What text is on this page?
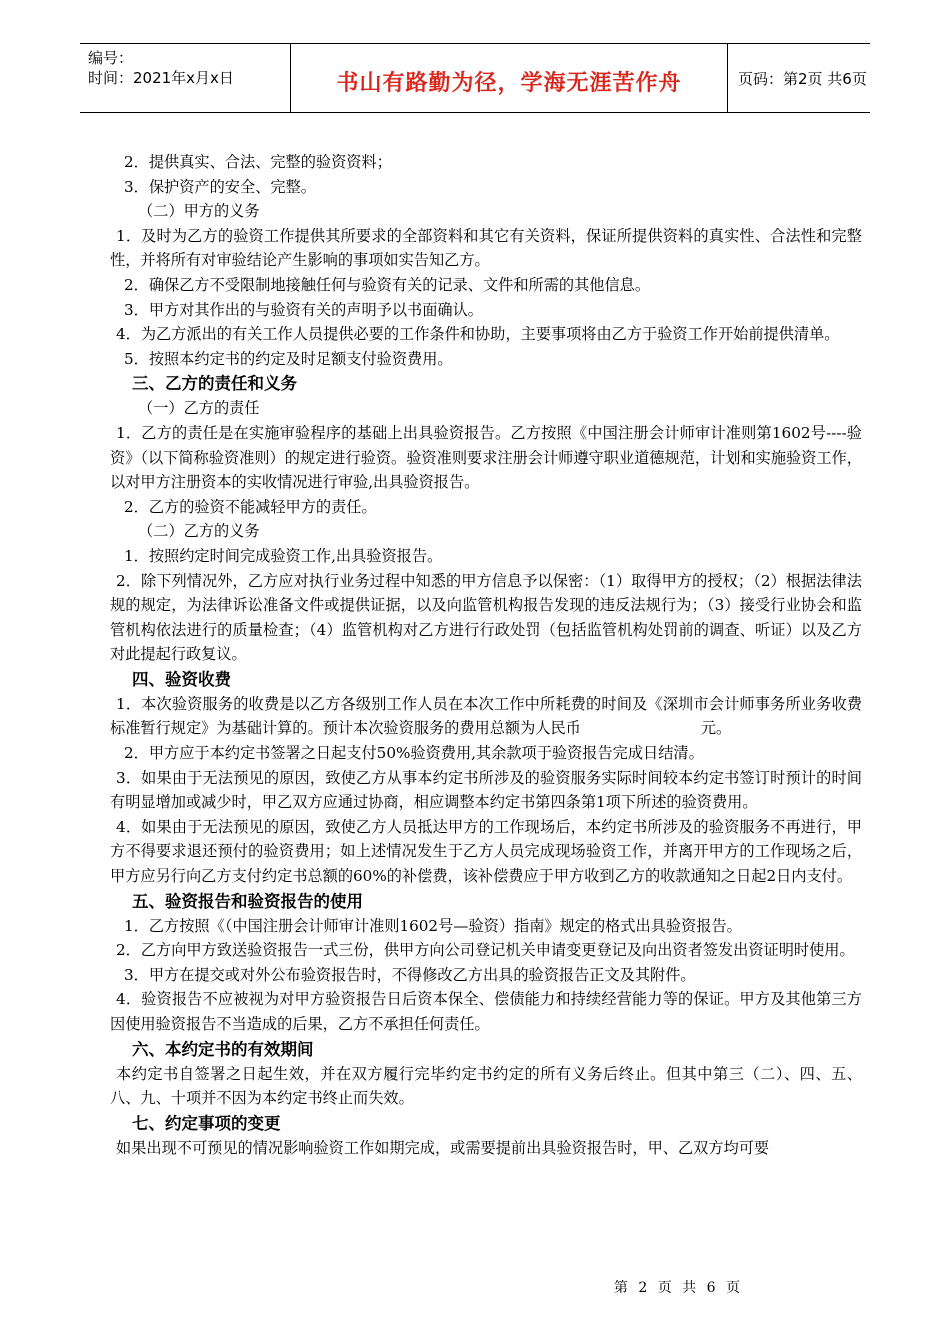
编号：
时间：2021年x月x日	书山有路勤为径，学海无涯苦作舟	页码：第2页 共6页

2．提供真实、合法、完整的验资资料；

3．保护资产的安全、完整。

（二）甲方的义务

1．及时为乙方的验资工作提供其所要求的全部资料和其它有关资料，保证所提供资料的真实性、合法性和完整性，并将所有对审验结论产生影响的事项如实告知乙方。

2．确保乙方不受限制地接触任何与验资有关的记录、文件和所需的其他信息。

3．甲方对其作出的与验资有关的声明予以书面确认。

4．为乙方派出的有关工作人员提供必要的工作条件和协助，主要事项将由乙方于验资工作开始前提供清单。

5．按照本约定书的约定及时足额支付验资费用。

三、乙方的责任和义务

（一）乙方的责任

1．乙方的责任是在实施审验程序的基础上出具验资报告。乙方按照《中国注册会计师审计准则第1602号----验资》（以下简称验资准则）的规定进行验资。验资准则要求注册会计师遵守职业道德规范，计划和实施验资工作，以对甲方注册资本的实收情况进行审验,出具验资报告。

2．乙方的验资不能减轻甲方的责任。

（二）乙方的义务

1．按照约定时间完成验资工作,出具验资报告。

2．除下列情况外，乙方应对执行业务过程中知悉的甲方信息予以保密：（1）取得甲方的授权；（2）根据法律法规的规定，为法律诉讼准备文件或提供证据，以及向监管机构报告发现的违反法规行为；（3）接受行业协会和监管机构依法进行的质量检查；（4）监管机构对乙方进行行政处罚（包括监管机构处罚前的调查、听证）以及乙方对此提起行政复议。

四、验资收费

1．本次验资服务的收费是以乙方各级别工作人员在本次工作中所耗费的时间及《深圳市会计师事务所业务收费标准暂行规定》为基础计算的。预计本次验资服务的费用总额为人民币	元。

2．甲方应于本约定书签署之日起支付50%验资费用,其余款项于验资报告完成日结清。

3．如果由于无法预见的原因，致使乙方从事本约定书所涉及的验资服务实际时间较本约定书签订时预计的时间有明显增加或减少时，甲乙双方应通过协商，相应调整本约定书第四条第1项下所述的验资费用。

4．如果由于无法预见的原因，致使乙方人员抵达甲方的工作现场后，本约定书所涉及的验资服务不再进行，甲方不得要求退还预付的验资费用；如上述情况发生于乙方人员完成现场验资工作，并离开甲方的工作现场之后，甲方应另行向乙方支付约定书总额的60%的补偿费，该补偿费应于甲方收到乙方的收款通知之日起2日内支付。

五、验资报告和验资报告的使用

1．乙方按照《（中国注册会计师审计准则1602号—验资）指南》规定的格式出具验资报告。

2．乙方向甲方致送验资报告一式三份，供甲方向公司登记机关申请变更登记及向出资者签发出资证明时使用。

3．甲方在提交或对外公布验资报告时，不得修改乙方出具的验资报告正文及其附件。

4．验资报告不应被视为对甲方验资报告日后资本保全、偿债能力和持续经营能力等的保证。甲方及其他第三方因使用验资报告不当造成的后果，乙方不承担任何责任。

六、本约定书的有效期间

本约定书自签署之日起生效，并在双方履行完毕约定书约定的所有义务后终止。但其中第三（二）、四、五、八、九、十项并不因为本约定书终止而失效。

七、约定事项的变更

如果出现不可预见的情况影响验资工作如期完成，或需要提前出具验资报告时，甲、乙双方均可要

第 2 页 共 6 页
